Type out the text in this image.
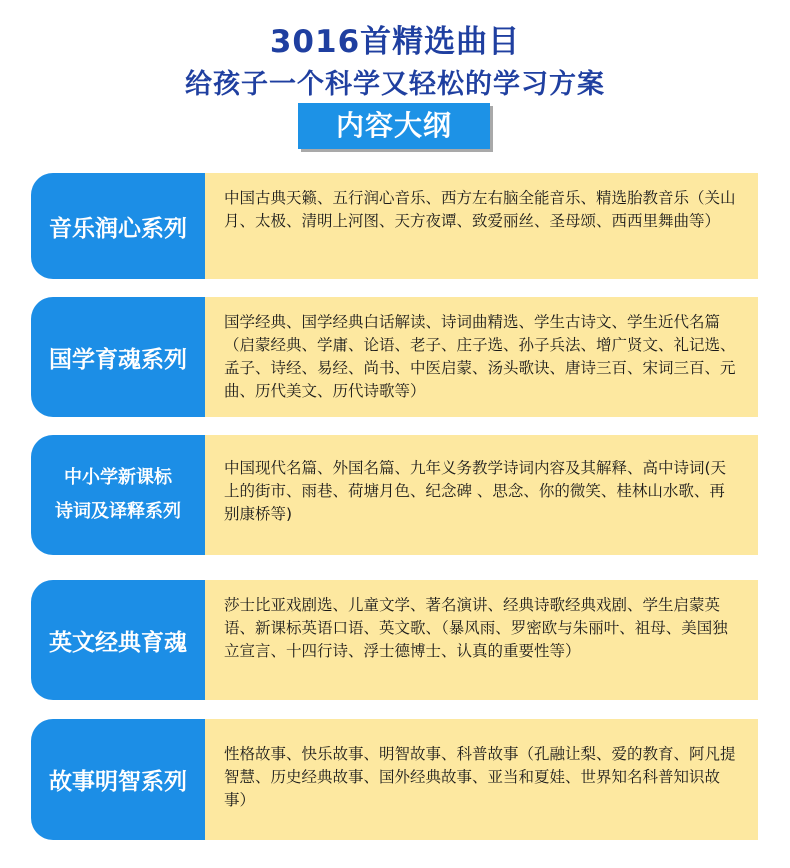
3016首精选曲目
给孩子一个科学又轻松的学习方案
内容大纲
音乐润心系列
中国古典天籁、五行润心音乐、西方左右脑全能音乐、精选胎教音乐（关山月、太极、清明上河图、天方夜谭、致爱丽丝、圣母颂、西西里舞曲等）
国学育魂系列
国学经典、国学经典白话解读、诗词曲精选、学生古诗文、学生近代名篇（启蒙经典、学庸、论语、老子、庄子选、孙子兵法、增广贤文、礼记选、孟子、诗经、易经、尚书、中医启蒙、汤头歌诀、唐诗三百、宋词三百、元曲、历代美文、历代诗歌等）
中小学新课标
诗词及译释系列
中国现代名篇、外国名篇、九年义务教学诗词内容及其解释、高中诗词(天上的街市、雨巷、荷塘月色、纪念碑 、思念、你的微笑、桂林山水歌、再别康桥等)
英文经典育魂
莎士比亚戏剧选、儿童文学、著名演讲、经典诗歌经典戏剧、学生启蒙英语、新课标英语口语、英文歌、（暴风雨、罗密欧与朱丽叶、祖母、美国独立宣言、十四行诗、浮士德博士、认真的重要性等）
故事明智系列
性格故事、快乐故事、明智故事、科普故事（孔融让梨、爱的教育、阿凡提智慧、历史经典故事、国外经典故事、亚当和夏娃、世界知名科普知识故事）
